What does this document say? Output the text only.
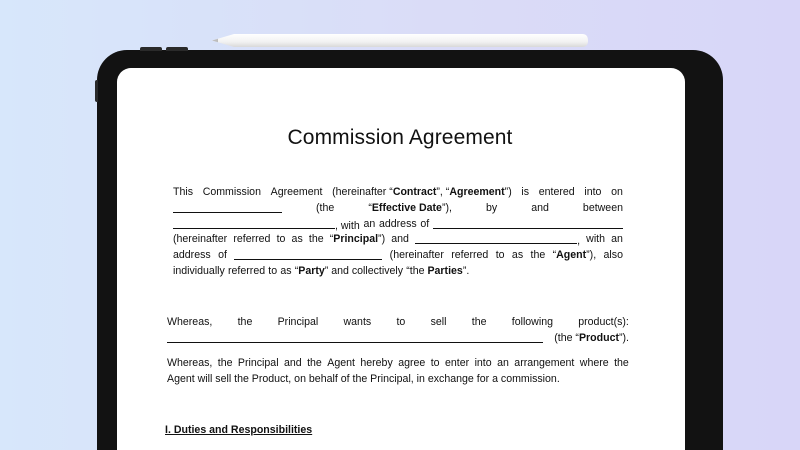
Commission Agreement
This Commission Agreement (hereinafter “Contract”, “Agreement”) is entered into on
(the	“Effective Date”),	by	and	between
, with an address of
(hereinafter referred to as the “Principal”) and	, with an
address of	(hereinafter referred to as the “Agent”), also
individually referred to as “Party” and collectively “the Parties”.
Whereas, the Principal wants to sell the following product(s):
(the “Product”).
Whereas, the Principal and the Agent hereby agree to enter into an arrangement where the
Agent will sell the Product, on behalf of the Principal, in exchange for a commission.
I. Duties and Responsibilities
